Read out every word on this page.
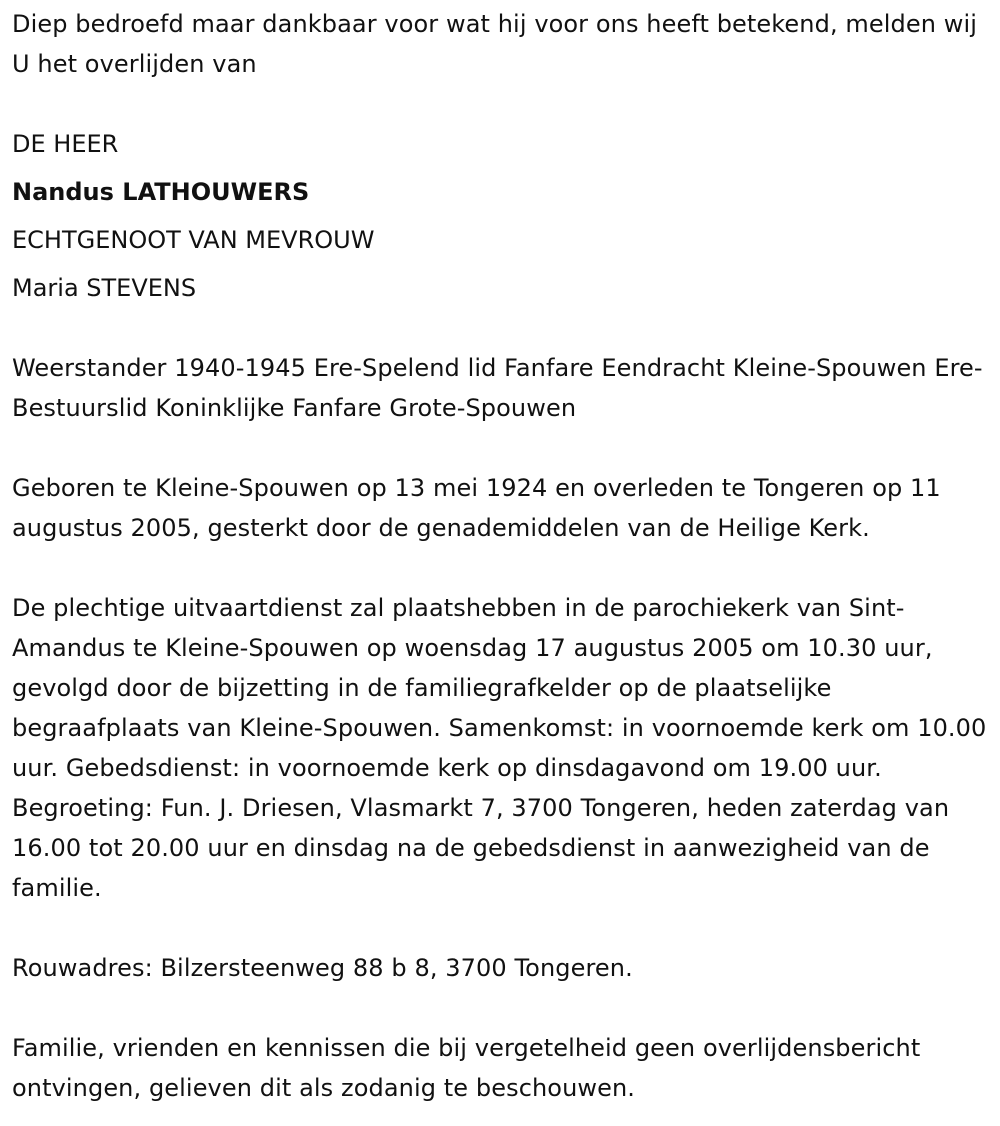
Diep bedroefd maar dankbaar voor wat hij voor ons heeft betekend, melden wij U het overlijden van

DE HEER

Nandus LATHOUWERS

ECHTGENOOT VAN MEVROUW

Maria STEVENS

Weerstander 1940-1945 Ere-Spelend lid Fanfare Eendracht Kleine-Spouwen Ere-Bestuurslid Koninklijke Fanfare Grote-Spouwen

Geboren te Kleine-Spouwen op 13 mei 1924 en overleden te Tongeren op 11 augustus 2005, gesterkt door de genademiddelen van de Heilige Kerk.

De plechtige uitvaartdienst zal plaatshebben in de parochiekerk van Sint-Amandus te Kleine-Spouwen op woensdag 17 augustus 2005 om 10.30 uur, gevolgd door de bijzetting in de familiegrafkelder op de plaatselijke begraafplaats van Kleine-Spouwen. Samenkomst: in voornoemde kerk om 10.00 uur. Gebedsdienst: in voornoemde kerk op dinsdagavond om 19.00 uur. Begroeting: Fun. J. Driesen, Vlasmarkt 7, 3700 Tongeren, heden zaterdag van 16.00 tot 20.00 uur en dinsdag na de gebedsdienst in aanwezigheid van de familie.

Rouwadres: Bilzersteenweg 88 b 8, 3700 Tongeren.

Familie, vrienden en kennissen die bij vergetelheid geen overlijdensbericht ontvingen, gelieven dit als zodanig te beschouwen.
